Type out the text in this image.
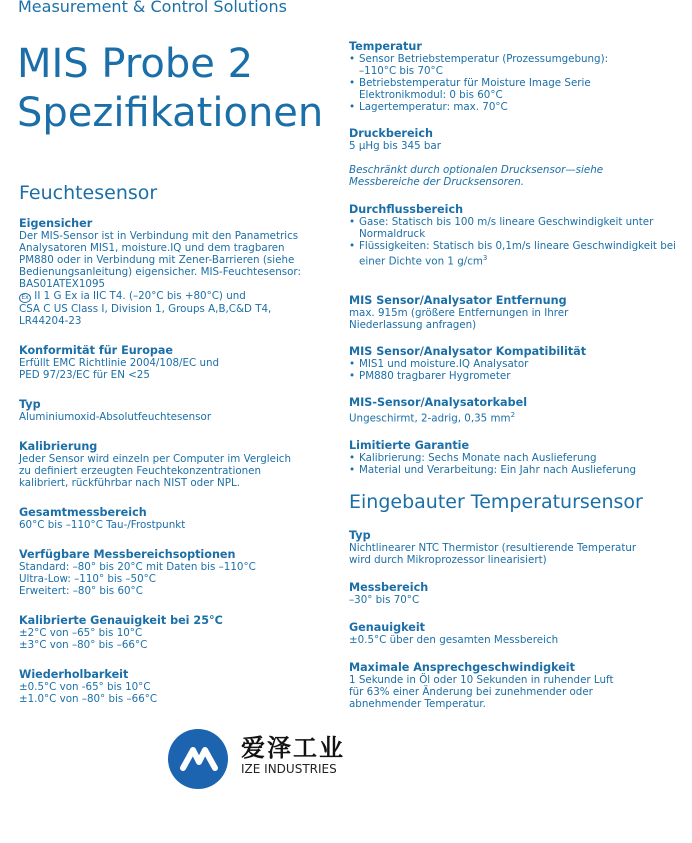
Measurement & Control Solutions
MIS Probe 2
Spezifikationen
Feuchtesensor
Eigensicher
Der MIS-Sensor ist in Verbindung mit den Panametrics
Analysatoren MIS1, moisture.IQ und dem tragbaren
PM880 oder in Verbindung mit Zener-Barrieren (siehe
Bedienungsanleitung) eigensicher. MIS-Feuchtesensor:
BAS01ATEX1095
Ex II 1 G Ex ia IIC T4. (–20°C bis +80°C) und
CSA C US Class I, Division 1, Groups A,B,C&D T4,
LR44204-23
Konformität für Europae
Erfüllt EMC Richtlinie 2004/108/EC und
PED 97/23/EC für EN <25
Typ
Aluminiumoxid-Absolutfeuchtesensor
Kalibrierung
Jeder Sensor wird einzeln per Computer im Vergleich
zu definiert erzeugten Feuchtekonzentrationen
kalibriert, rückführbar nach NIST oder NPL.
Gesamtmessbereich
60°C bis –110°C Tau-/Frostpunkt
Verfügbare Messbereichsoptionen
Standard: –80° bis 20°C mit Daten bis –110°C
Ultra-Low: –110° bis –50°C
Erweitert: –80° bis 60°C
Kalibrierte Genauigkeit bei 25°C
±2°C von –65° bis 10°C
±3°C von –80° bis –66°C
Wiederholbarkeit
±0.5°C von -65° bis 10°C
±1.0°C von –80° bis –66°C
Temperatur
• Sensor Betriebstemperatur (Prozessumgebung):
–110°C bis 70°C
• Betriebstemperatur für Moisture Image Serie
Elektronikmodul: 0 bis 60°C
• Lagertemperatur: max. 70°C
Druckbereich
5 µHg bis 345 bar
Beschränkt durch optionalen Drucksensor—siehe
Messbereiche der Drucksensoren.
Durchflussbereich
• Gase: Statisch bis 100 m/s lineare Geschwindigkeit unter
Normaldruck
• Flüssigkeiten: Statisch bis 0,1m/s lineare Geschwindigkeit bei
einer Dichte von 1 $g/cm^3$
MIS Sensor/Analysator Entfernung
max. 915m (größere Entfernungen in Ihrer
Niederlassung anfragen)
MIS Sensor/Analysator Kompatibilität
• MIS1 und moisture.IQ Analysator
• PM880 tragbarer Hygrometer
MIS-Sensor/Analysatorkabel
Ungeschirmt, 2-adrig, 0,35 $mm^2$
Limitierte Garantie
• Kalibrierung: Sechs Monate nach Auslieferung
• Material und Verarbeitung: Ein Jahr nach Auslieferung
Eingebauter Temperatursensor
Typ
Nichtlinearer NTC Thermistor (resultierende Temperatur
wird durch Mikroprozessor linearisiert)
Messbereich
–30° bis 70°C
Genauigkeit
±0.5°C über den gesamten Messbereich
Maximale Ansprechgeschwindigkeit
1 Sekunde in Öl oder 10 Sekunden in ruhender Luft
für 63% einer Änderung bei zunehmender oder
abnehmender Temperatur.
爱泽工业
IZE INDUSTRIES
